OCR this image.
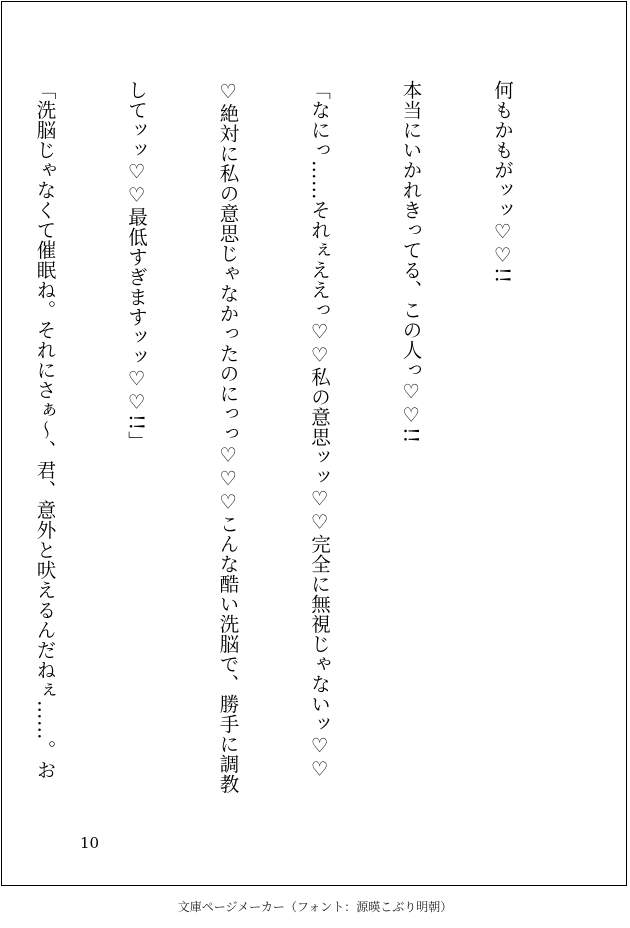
何もかもがッッ♡♡!!

本当にいかれきってる、この人っ♡♡!!

「なにっ……それぇええっ♡♡私の意思ッッ♡♡完全に無視じゃないッ♡♡

♡絶対に私の意思じゃなかったのにっっ♡♡♡こんな酷い洗脳で、勝手に調教

してッッ♡♡最低すぎますッッ♡♡!!」

「洗脳じゃなくて催眠ね。それにさぁ〜、君、意外と吠えるんだねぇ……。お

10
文庫ページメーカー（フォント：源暎こぶり明朝）
